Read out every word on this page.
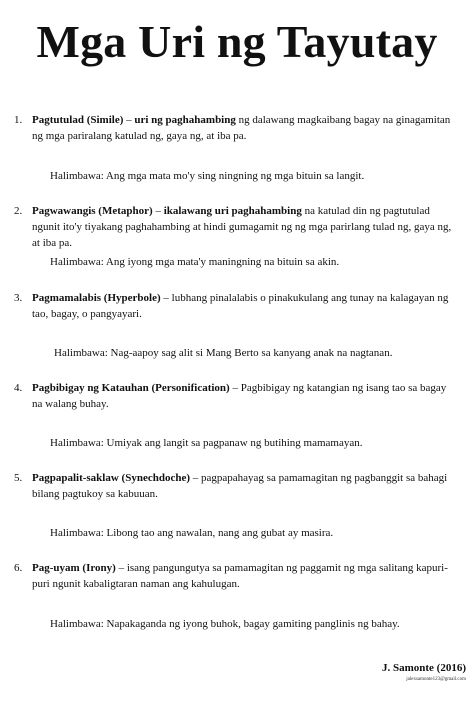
Mga Uri ng Tayutay
1. Pagtutulad (Simile) – uri ng paghahambing ng dalawang magkaibang bagay na ginagamitan ng mga pariralang katulad ng, gaya ng, at iba pa.

Halimbawa: Ang mga mata mo'y sing ningning ng mga bituin sa langit.

2. Pagwawangis (Metaphor) – ikalawang uri paghahambing na katulad din ng pagtutulad ngunit ito'y tiyakang paghahambing at hindi gumagamit ng ng mga parirlang tulad ng, gaya ng, at iba pa.

Halimbawa: Ang iyong mga mata'y maningning na bituin sa akin.

3. Pagmamalabis (Hyperbole) – lubhang pinalalabis o pinakukulang ang tunay na kalagayan ng tao, bagay, o pangyayari.

Halimbawa: Nag-aapoy sag alit si Mang Berto sa kanyang anak na nagtanan.

4. Pagbibigay ng Katauhan (Personification) – Pagbibigay ng katangian ng isang tao sa bagay na walang buhay.

Halimbawa: Umiyak ang langit sa pagpanaw ng butihing mamamayan.

5. Pagpapalit-saklaw (Synechdoche) – pagpapahayag sa pamamagitan ng pagbanggit sa bahagi bilang pagtukoy sa kabuuan.

Halimbawa: Libong tao ang nawalan, nang ang gubat ay masira.

6. Pag-uyam (Irony) – isang pangungutya sa pamamagitan ng paggamit ng mga salitang kapuri-puri ngunit kabaligtaran naman ang kahulugan.

Halimbawa: Napakaganda ng iyong buhok, bagay gamiting panglinis ng bahay.

J. Samonte (2016)
jalexsamonte123@gmail.com
